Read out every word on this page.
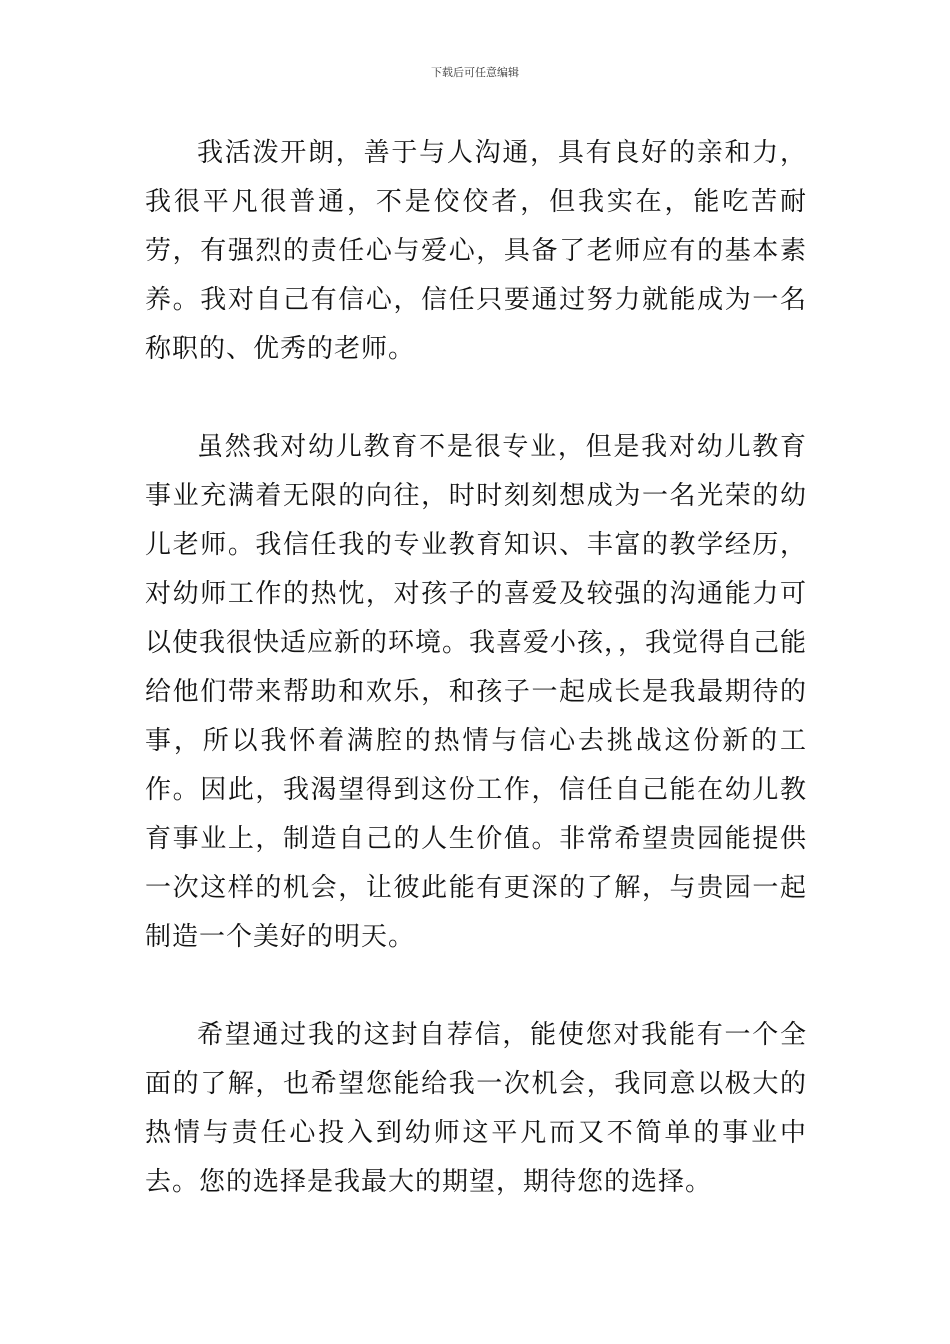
下载后可任意编辑

我活泼开朗，善于与人沟通，具有良好的亲和力，我很平凡很普通，不是佼佼者，但我实在，能吃苦耐劳，有强烈的责任心与爱心，具备了老师应有的基本素养。我对自己有信心，信任只要通过努力就能成为一名称职的、优秀的老师。

虽然我对幼儿教育不是很专业，但是我对幼儿教育事业充满着无限的向往，时时刻刻想成为一名光荣的幼儿老师。我信任我的专业教育知识、丰富的教学经历，对幼师工作的热忱，对孩子的喜爱及较强的沟通能力可以使我很快适应新的环境。我喜爱小孩，，我觉得自己能给他们带来帮助和欢乐，和孩子一起成长是我最期待的事，所以我怀着满腔的热情与信心去挑战这份新的工作。因此，我渴望得到这份工作，信任自己能在幼儿教育事业上，制造自己的人生价值。非常希望贵园能提供一次这样的机会，让彼此能有更深的了解，与贵园一起制造一个美好的明天。

希望通过我的这封自荐信，能使您对我能有一个全面的了解，也希望您能给我一次机会，我同意以极大的热情与责任心投入到幼师这平凡而又不简单的事业中去。您的选择是我最大的期望，期待您的选择。
